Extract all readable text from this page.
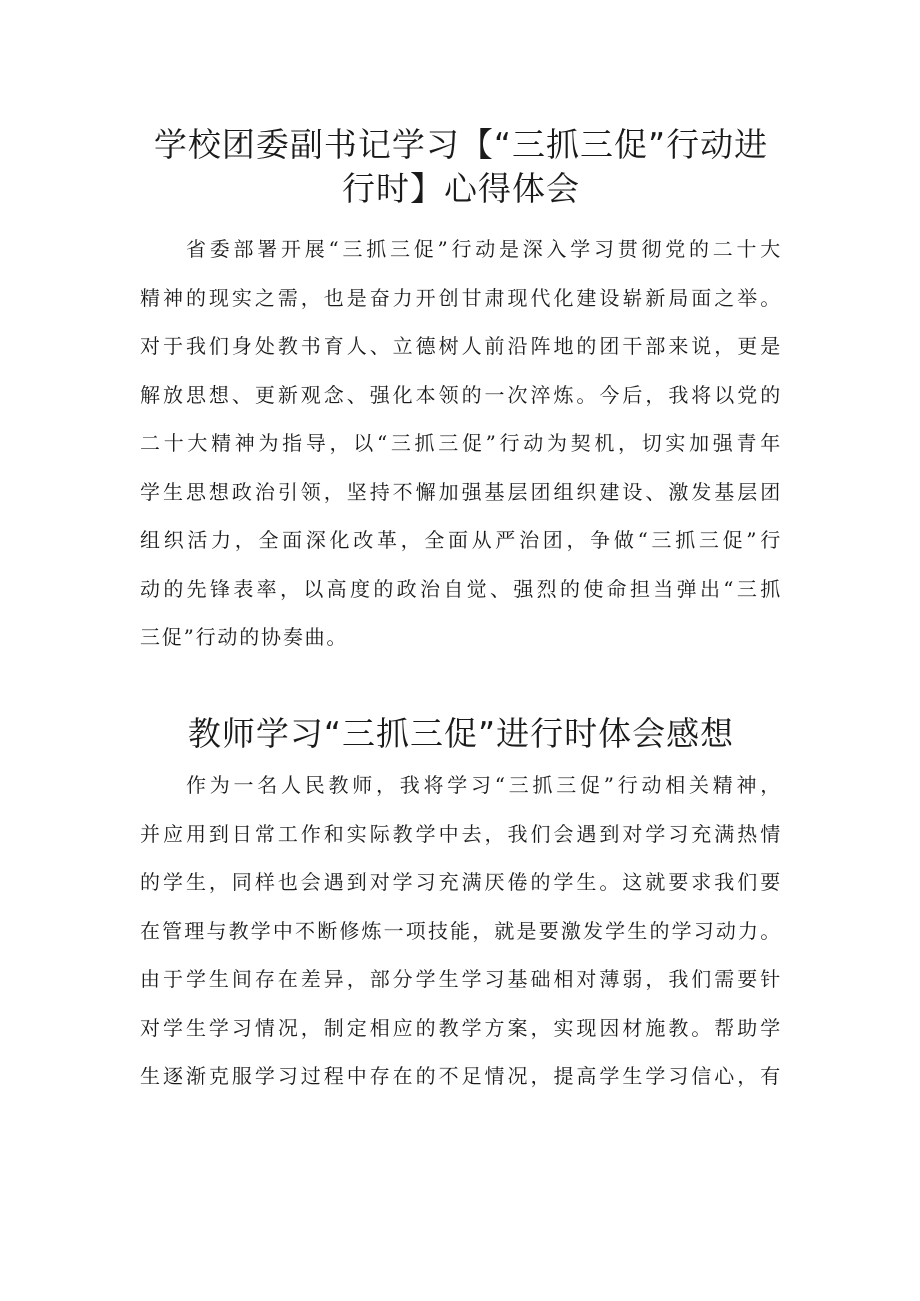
学校团委副书记学习【“三抓三促”行动进
行时】心得体会

省委部署开展“三抓三促”行动是深入学习贯彻党的二十大
精神的现实之需，也是奋力开创甘肃现代化建设崭新局面之举。
对于我们身处教书育人、立德树人前沿阵地的团干部来说，更是
解放思想、更新观念、强化本领的一次淬炼。今后，我将以党的
二十大精神为指导，以“三抓三促”行动为契机，切实加强青年
学生思想政治引领，坚持不懈加强基层团组织建设、激发基层团
组织活力，全面深化改革，全面从严治团，争做“三抓三促”行
动的先锋表率，以高度的政治自觉、强烈的使命担当弹出“三抓
三促”行动的协奏曲。

教师学习“三抓三促”进行时体会感想

作为一名人民教师，我将学习“三抓三促”行动相关精神，
并应用到日常工作和实际教学中去，我们会遇到对学习充满热情
的学生，同样也会遇到对学习充满厌倦的学生。这就要求我们要
在管理与教学中不断修炼一项技能，就是要激发学生的学习动力。
由于学生间存在差异，部分学生学习基础相对薄弱，我们需要针
对学生学习情况，制定相应的教学方案，实现因材施教。帮助学
生逐渐克服学习过程中存在的不足情况，提高学生学习信心，有
